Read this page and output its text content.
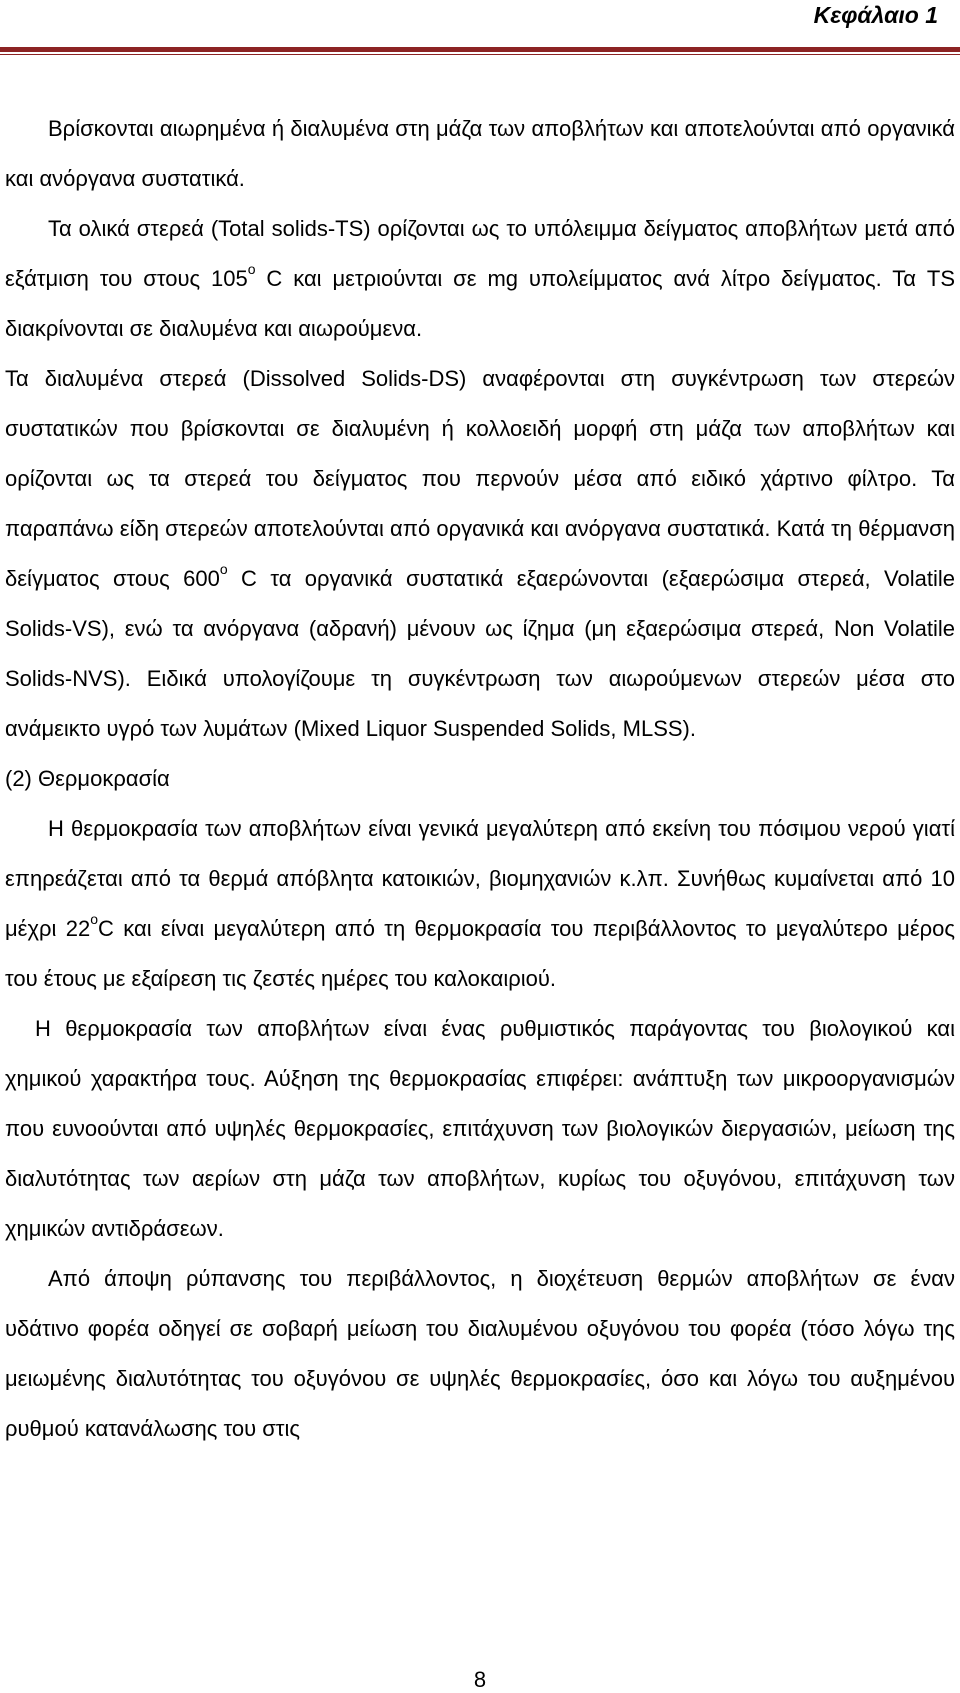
Κεφάλαιο 1

Βρίσκονται αιωρημένα ή διαλυμένα στη μάζα των αποβλήτων και αποτελούνται από οργανικά και ανόργανα συστατικά.

Τα ολικά στερεά (Total solids-TS) ορίζονται ως το υπόλειμμα δείγματος αποβλήτων μετά από εξάτμιση του στους $105^o$ C και μετριούνται σε mg υπολείμματος ανά λίτρο δείγματος. Τα TS διακρίνονται σε διαλυμένα και αιωρούμενα.

Τα διαλυμένα στερεά (Dissolved Solids-DS) αναφέρονται στη συγκέντρωση των στερεών συστατικών που βρίσκονται σε διαλυμένη ή κολλοειδή μορφή στη μάζα των αποβλήτων και ορίζονται ως τα στερεά του δείγματος που περνούν μέσα από ειδικό χάρτινο φίλτρο. Τα παραπάνω είδη στερεών αποτελούνται από οργανικά και ανόργανα συστατικά. Κατά τη θέρμανση δείγματος στους $600^o$ C τα οργανικά συστατικά εξαερώνονται (εξαερώσιμα στερεά, Volatile Solids-VS), ενώ τα ανόργανα (αδρανή) μένουν ως ίζημα (μη εξαερώσιμα στερεά, Non Volatile Solids-NVS). Ειδικά υπολογίζουμε τη συγκέντρωση των αιωρούμενων στερεών μέσα στο ανάμεικτο υγρό των λυμάτων (Mixed Liquor Suspended Solids, MLSS).

(2) Θερμοκρασία

Η θερμοκρασία των αποβλήτων είναι γενικά μεγαλύτερη από εκείνη του πόσιμου νερού γιατί επηρεάζεται από τα θερμά απόβλητα κατοικιών, βιομηχανιών κ.λπ. Συνήθως κυμαίνεται από 10 μέχρι $22^oC$ και είναι μεγαλύτερη από τη θερμοκρασία του περιβάλλοντος το μεγαλύτερο μέρος του έτους με εξαίρεση τις ζεστές ημέρες του καλοκαιριού.

Η θερμοκρασία των αποβλήτων είναι ένας ρυθμιστικός παράγοντας του βιολογικού και χημικού χαρακτήρα τους. Αύξηση της θερμοκρασίας επιφέρει: ανάπτυξη των μικροοργανισμών που ευνοούνται από υψηλές θερμοκρασίες, επιτάχυνση των βιολογικών διεργασιών, μείωση της διαλυτότητας των αερίων στη μάζα των αποβλήτων, κυρίως του οξυγόνου, επιτάχυνση των χημικών αντιδράσεων.

Από άποψη ρύπανσης του περιβάλλοντος, η διοχέτευση θερμών αποβλήτων σε έναν υδάτινο φορέα οδηγεί σε σοβαρή μείωση του διαλυμένου οξυγόνου του φορέα (τόσο λόγω της μειωμένης διαλυτότητας του οξυγόνου σε υψηλές θερμοκρασίες, όσο και λόγω του αυξημένου ρυθμού κατανάλωσης του στις

8
